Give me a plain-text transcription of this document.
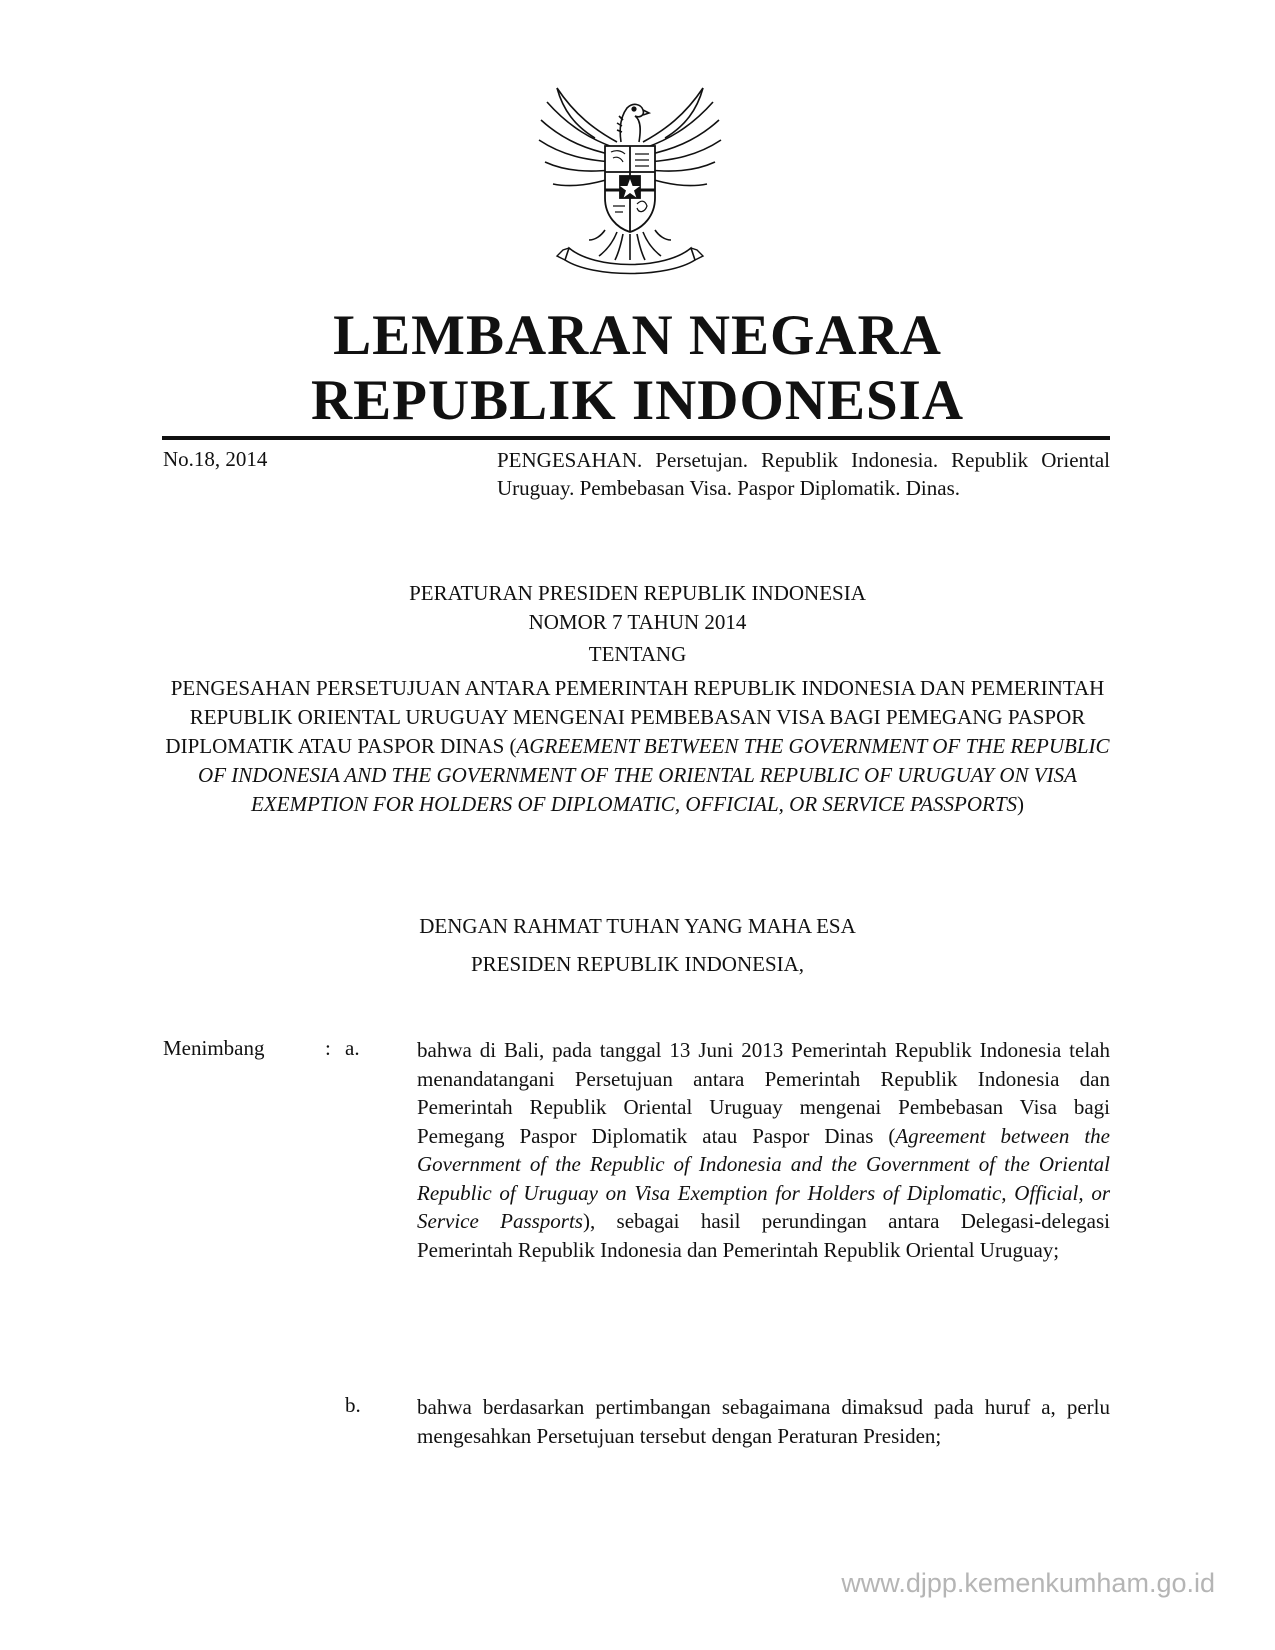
LEMBARAN NEGARA
REPUBLIK INDONESIA
No.18, 2014	PENGESAHAN. Persetujan. Republik Indonesia. Republik Oriental Uruguay. Pembebasan Visa. Paspor Diplomatik. Dinas.
PERATURAN PRESIDEN REPUBLIK INDONESIA
NOMOR 7 TAHUN 2014
TENTANG
PENGESAHAN PERSETUJUAN ANTARA PEMERINTAH REPUBLIK INDONESIA DAN PEMERINTAH REPUBLIK ORIENTAL URUGUAY MENGENAI PEMBEBASAN VISA BAGI PEMEGANG PASPOR DIPLOMATIK ATAU PASPOR DINAS (AGREEMENT BETWEEN THE GOVERNMENT OF THE REPUBLIC OF INDONESIA AND THE GOVERNMENT OF THE ORIENTAL REPUBLIC OF URUGUAY ON VISA EXEMPTION FOR HOLDERS OF DIPLOMATIC, OFFICIAL, OR SERVICE PASSPORTS)
DENGAN RAHMAT TUHAN YANG MAHA ESA
PRESIDEN REPUBLIK INDONESIA,
Menimbang	: a.	bahwa di Bali, pada tanggal 13 Juni 2013 Pemerintah Republik Indonesia telah menandatangani Persetujuan antara Pemerintah Republik Indonesia dan Pemerintah Republik Oriental Uruguay mengenai Pembebasan Visa bagi Pemegang Paspor Diplomatik atau Paspor Dinas (Agreement between the Government of the Republic of Indonesia and the Government of the Oriental Republic of Uruguay on Visa Exemption for Holders of Diplomatic, Official, or Service Passports), sebagai hasil perundingan antara Delegasi-delegasi Pemerintah Republik Indonesia dan Pemerintah Republik Oriental Uruguay;
b.	bahwa berdasarkan pertimbangan sebagaimana dimaksud pada huruf a, perlu mengesahkan Persetujuan tersebut dengan Peraturan Presiden;
www.djpp.kemenkumham.go.id
